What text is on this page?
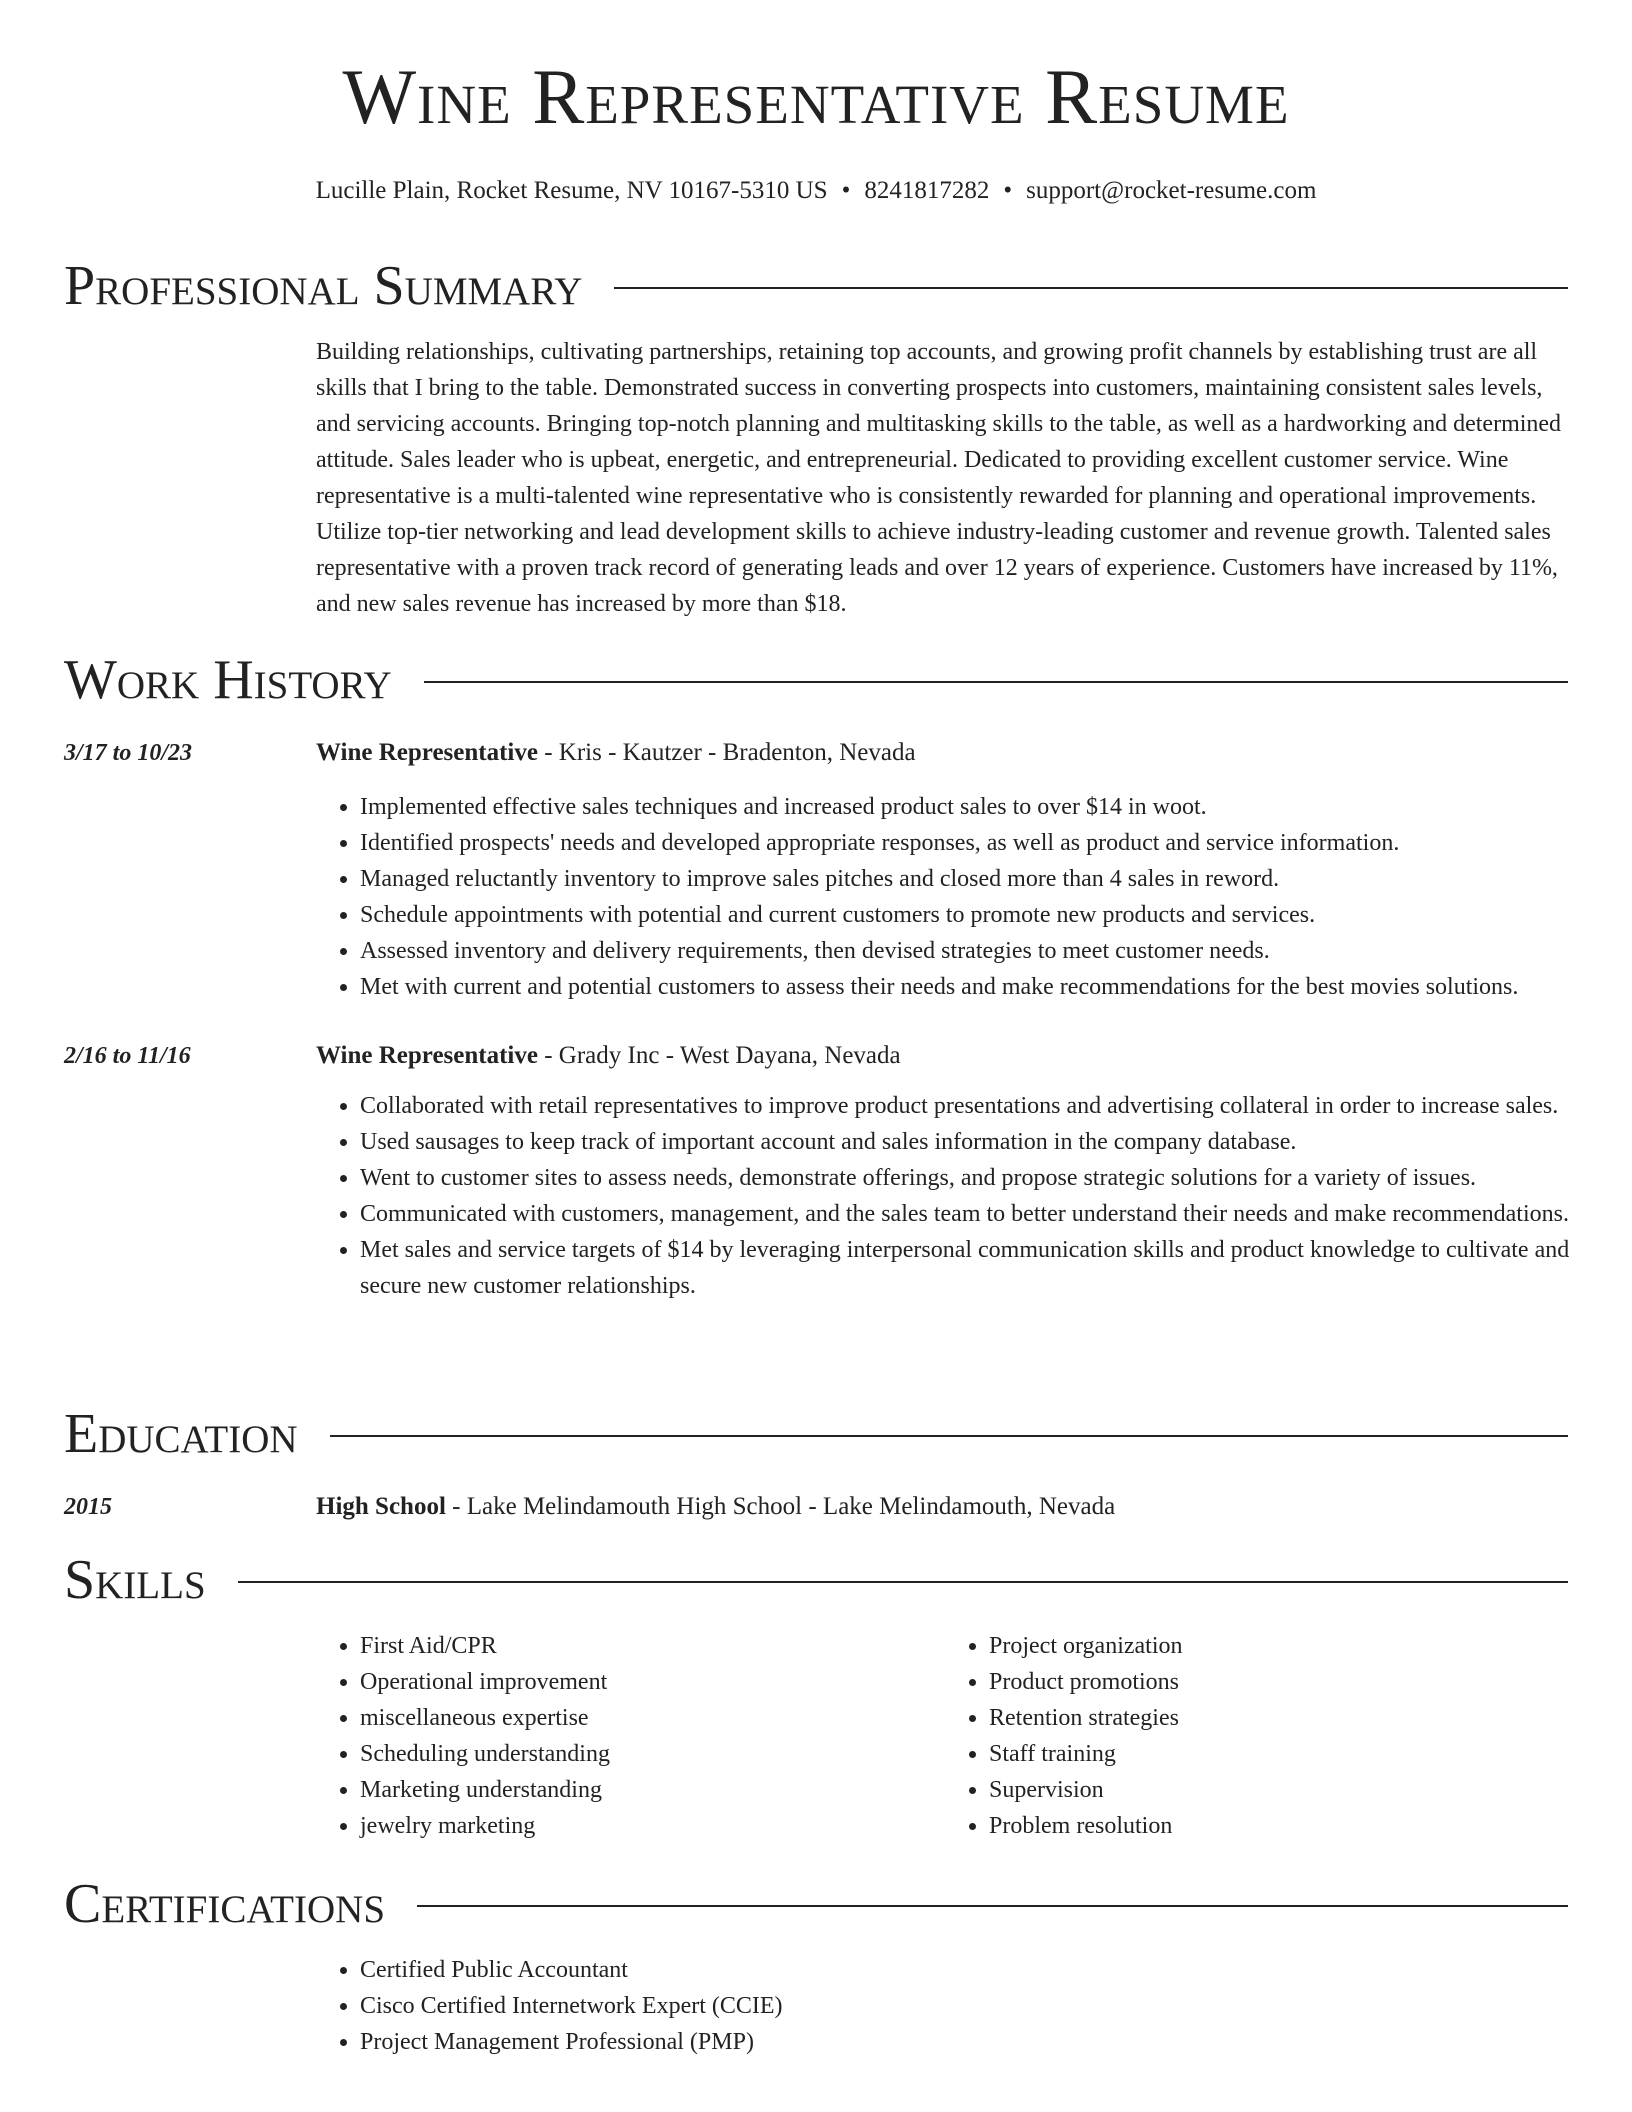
Wine Representative Resume
Lucille Plain, Rocket Resume, NV 10167-5310 US • 8241817282 • support@rocket-resume.com
Professional Summary

Building relationships, cultivating partnerships, retaining top accounts, and growing profit channels by establishing trust are all skills that I bring to the table. Demonstrated success in converting prospects into customers, maintaining consistent sales levels, and servicing accounts. Bringing top-notch planning and multitasking skills to the table, as well as a hardworking and determined attitude. Sales leader who is upbeat, energetic, and entrepreneurial. Dedicated to providing excellent customer service. Wine representative is a multi-talented wine representative who is consistently rewarded for planning and operational improvements. Utilize top-tier networking and lead development skills to achieve industry-leading customer and revenue growth. Talented sales representative with a proven track record of generating leads and over 12 years of experience. Customers have increased by 11%, and new sales revenue has increased by more than $18.

Work History
3/17 to 10/23	Wine Representative - Kris - Kautzer - Bradenton, Nevada

• Implemented effective sales techniques and increased product sales to over $14 in woot.
• Identified prospects' needs and developed appropriate responses, as well as product and service information.
• Managed reluctantly inventory to improve sales pitches and closed more than 4 sales in reword.
• Schedule appointments with potential and current customers to promote new products and services.
• Assessed inventory and delivery requirements, then devised strategies to meet customer needs.
• Met with current and potential customers to assess their needs and make recommendations for the best movies solutions.
2/16 to 11/16	Wine Representative - Grady Inc - West Dayana, Nevada

• Collaborated with retail representatives to improve product presentations and advertising collateral in order to increase sales.
• Used sausages to keep track of important account and sales information in the company database.
• Went to customer sites to assess needs, demonstrate offerings, and propose strategic solutions for a variety of issues.
• Communicated with customers, management, and the sales team to better understand their needs and make recommendations.
• Met sales and service targets of $14 by leveraging interpersonal communication skills and product knowledge to cultivate and secure new customer relationships.
Education
2015	High School - Lake Melindamouth High School - Lake Melindamouth, Nevada

Skills
• First Aid/CPR
• Operational improvement
• miscellaneous expertise
• Scheduling understanding
• Marketing understanding
• jewelry marketing
• Project organization
• Product promotions
• Retention strategies
• Staff training
• Supervision
• Problem resolution
Certifications
• Certified Public Accountant
• Cisco Certified Internetwork Expert (CCIE)
• Project Management Professional (PMP)
